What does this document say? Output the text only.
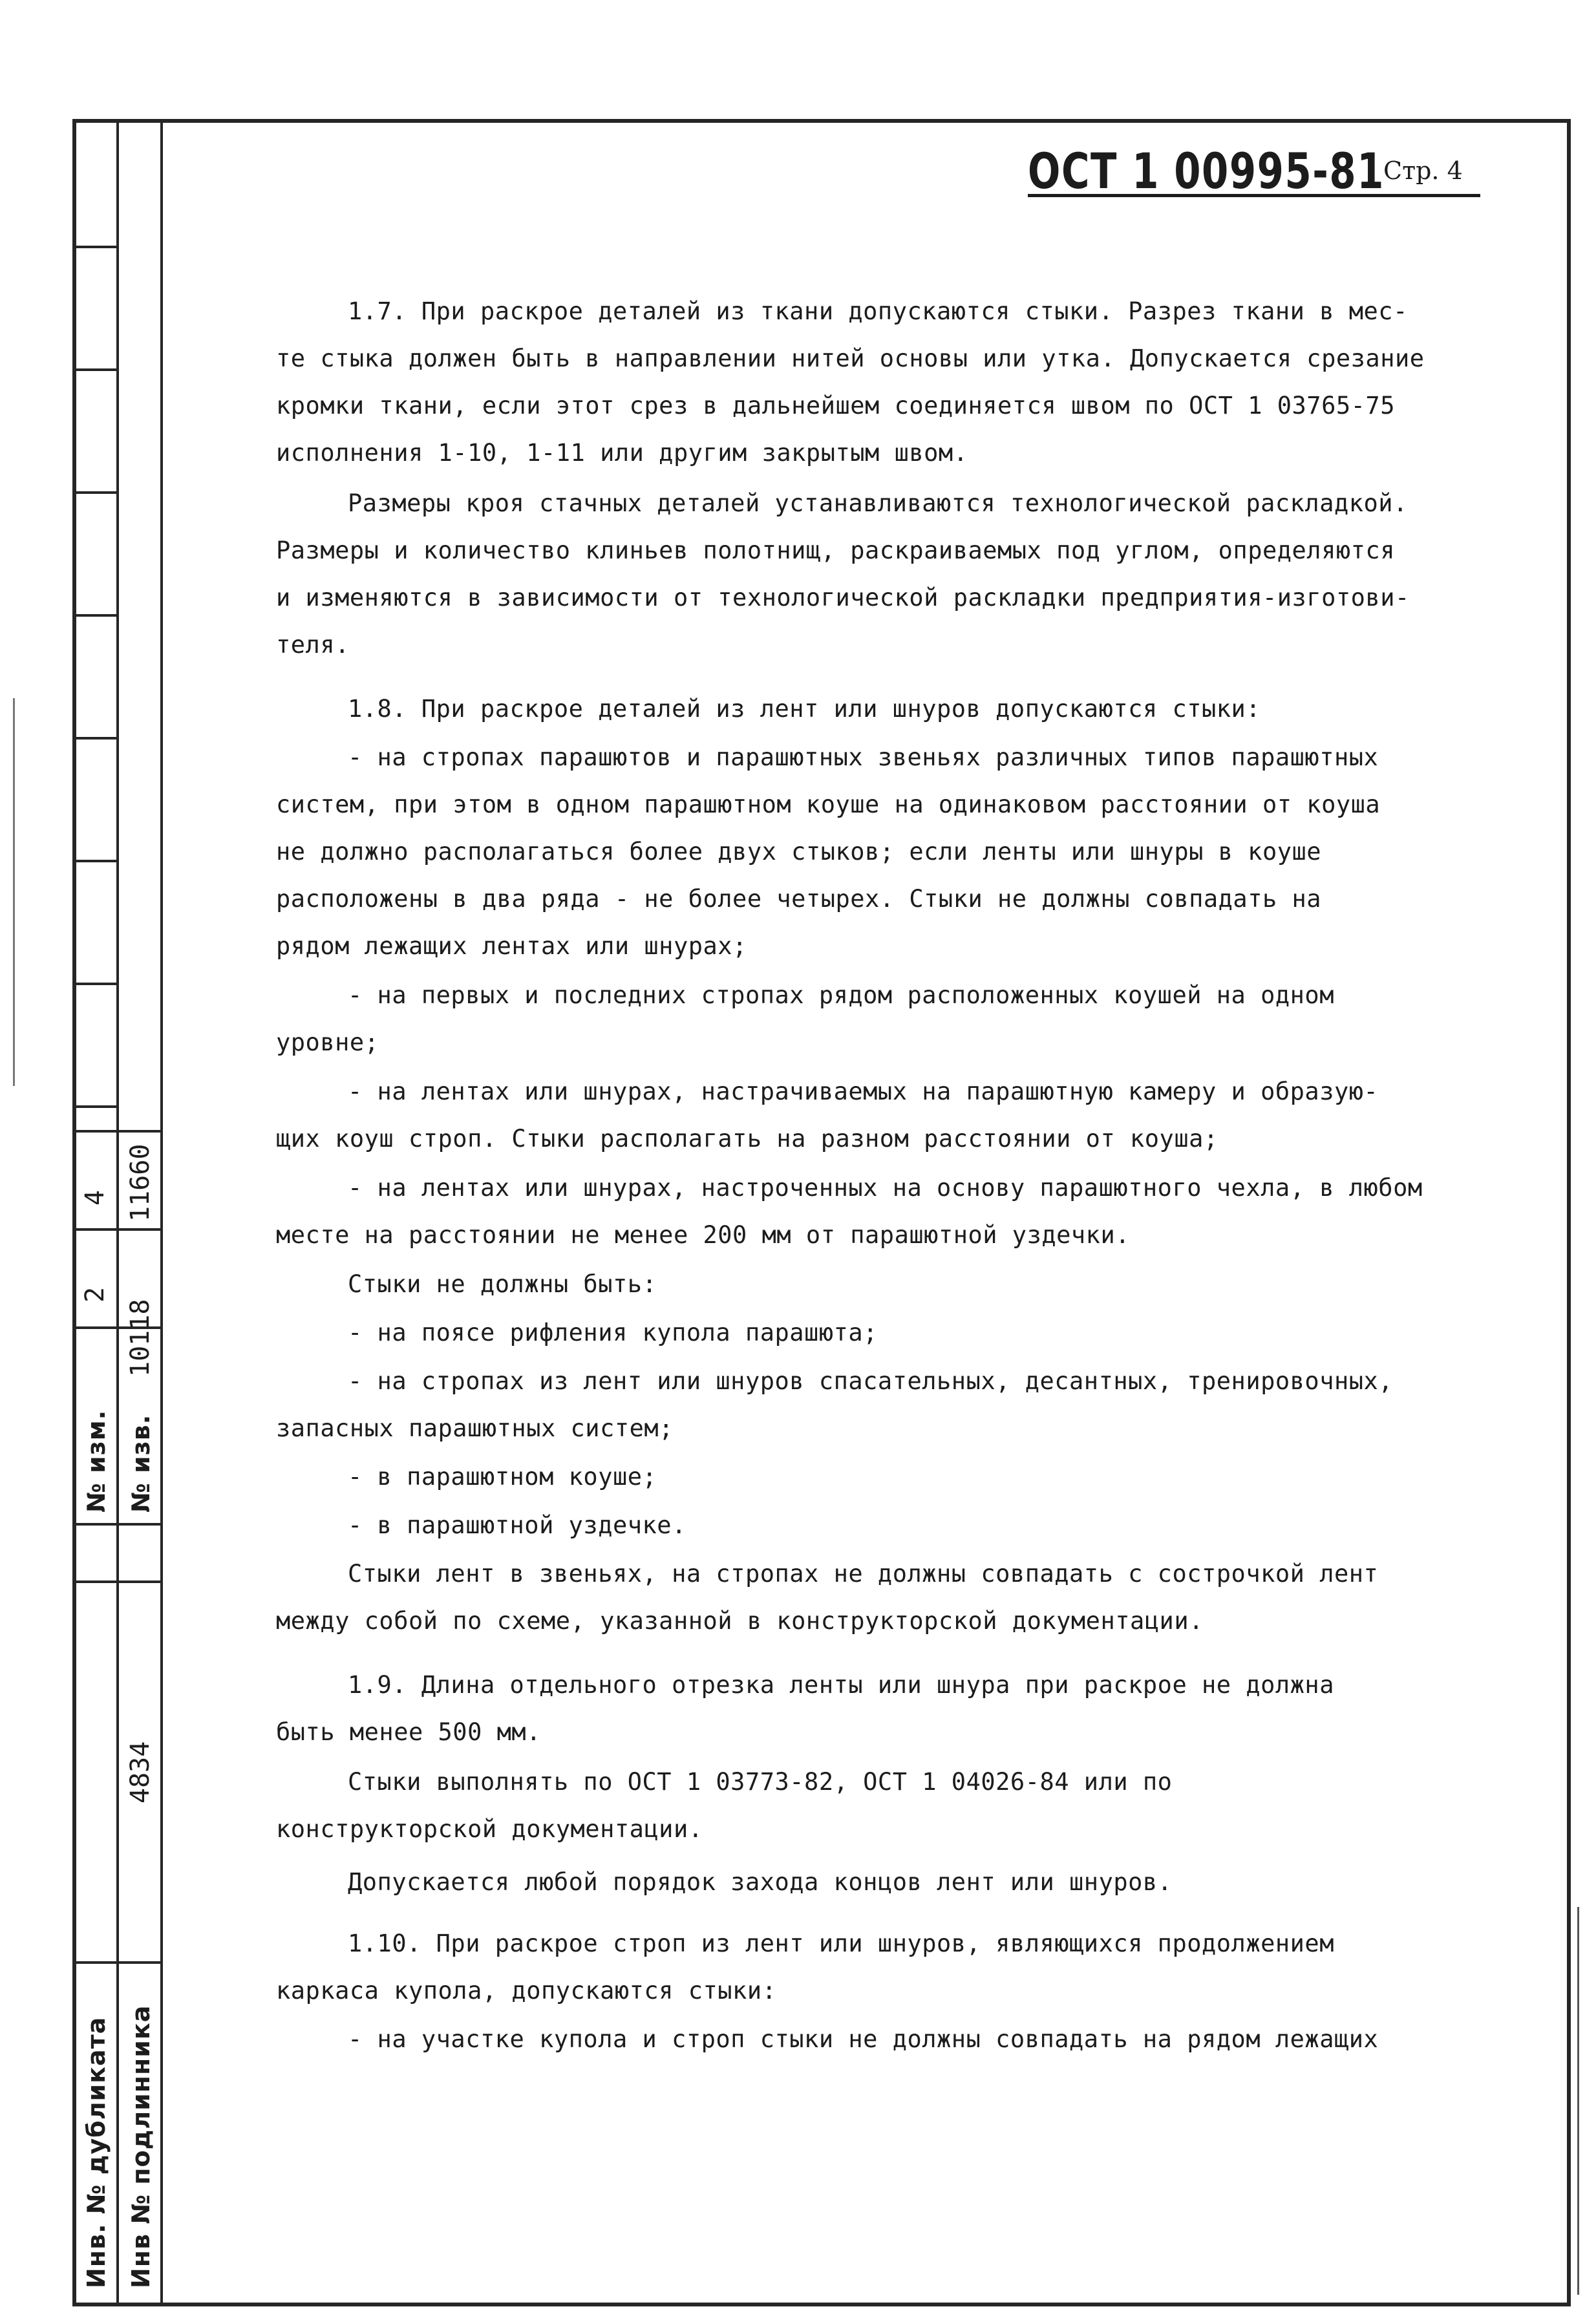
№ изм. № изв.
2
4
10118
11660
4834
Инв. № дубликата Инв № подлинника
ОСТ 1 00995-81
Стр. 4
1.7. При раскрое деталей из ткани допускаются стыки. Разрез ткани в мес-
те стыка должен быть в направлении нитей основы или утка. Допускается срезание
кромки ткани, если этот срез в дальнейшем соединяется швом по ОСТ 1 03765-75
исполнения 1-10, 1-11 или другим закрытым швом.
Размеры кроя стачных деталей устанавливаются технологической раскладкой.
Размеры и количество клиньев полотнищ, раскраиваемых под углом, определяются
и изменяются в зависимости от технологической раскладки предприятия-изготови-
теля.
1.8. При раскрое деталей из лент или шнуров допускаются стыки:
- на стропах парашютов и парашютных звеньях различных типов парашютных
систем, при этом в одном парашютном коуше на одинаковом расстоянии от коуша
не должно располагаться более двух стыков; если ленты или шнуры в коуше
расположены в два ряда - не более четырех. Стыки не должны совпадать на
рядом лежащих лентах или шнурах;
- на первых и последних стропах рядом расположенных коушей на одном
уровне;
- на лентах или шнурах, настрачиваемых на парашютную камеру и образую-
щих коуш строп. Стыки располагать на разном расстоянии от коуша;
- на лентах или шнурах, настроченных на основу парашютного чехла, в любом
месте на расстоянии не менее 200 мм от парашютной уздечки.
Стыки не должны быть:
- на поясе рифления купола парашюта;
- на стропах из лент или шнуров спасательных, десантных, тренировочных,
запасных парашютных систем;
- в парашютном коуше;
- в парашютной уздечке.
Стыки лент в звеньях, на стропах не должны совпадать с сострочкой лент
между собой по схеме, указанной в конструкторской документации.
1.9. Длина отдельного отрезка ленты или шнура при раскрое не должна
быть менее 500 мм.
Стыки выполнять по ОСТ 1 03773-82, ОСТ 1 04026-84 или по
конструкторской документации.
Допускается любой порядок захода концов лент или шнуров.
1.10. При раскрое строп из лент или шнуров, являющихся продолжением
каркаса купола, допускаются стыки:
- на участке купола и строп стыки не должны совпадать на рядом лежащих
